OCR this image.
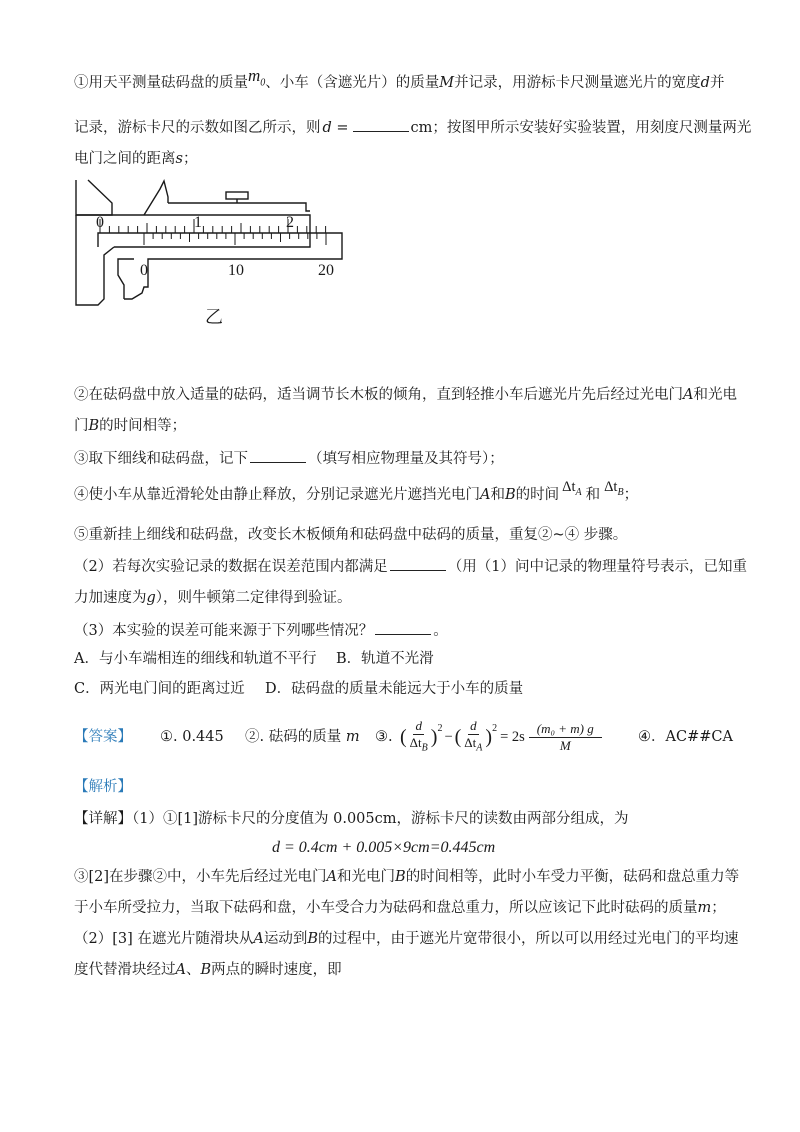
①用天平测量砝码盘的质量$m_0$、小车（含遮光片）的质量M并记录，用游标卡尺测量遮光片的宽度d并
记录，游标卡尺的示数如图乙所示，则 d =	cm；按图甲所示安装好实验装置，用刻度尺测量两光
电门之间的距离s；
0	1	2
0	10	20
乙
②在砝码盘中放入适量的砝码，适当调节长木板的倾角，直到轻推小车后遮光片先后经过光电门A和光电
门B的时间相等；
③取下细线和砝码盘，记下	（填写相应物理量及其符号）；
④使小车从靠近滑轮处由静止释放，分别记录遮光片遮挡光电门A和B的时间 $\Delta t_A$ 和 $\Delta t_B$；
⑤重新挂上细线和砝码盘，改变长木板倾角和砝码盘中砝码的质量，重复②~④ 步骤。
（2）若每次实验记录的数据在误差范围内都满足	（用（1）问中记录的物理量符号表示，已知重
力加速度为g），则牛顿第二定律得到验证。
（3）本实验的误差可能来源于下列哪些情况？	。
A．与小车端相连的细线和轨道不平行 B．轨道不光滑
C．两光电门间的距离过近 D．砝码盘的质量未能远大于小车的质量
【答案】 ①. 0.445 ②. 砝码的质量 m ③. ( $\frac{d}{\Delta t_B} )^2$
− ( $\frac{d}{\Delta t_A} )^2$
= $2s \frac{\text{(m₀ + m) g}}{M}$	④．AC##CA
【解析】
【详解】（1）①[1]游标卡尺的分度值为 0.005cm，游标卡尺的读数由两部分组成，为
d = 0.4cm + 0.005×9cm=0.445cm
③[2]在步骤②中，小车先后经过光电门A和光电门B的时间相等，此时小车受力平衡，砝码和盘总重力等
于小车所受拉力，当取下砝码和盘，小车受合力为砝码和盘总重力，所以应该记下此时砝码的质量m；
（2）[3] 在遮光片随滑块从A运动到B的过程中，由于遮光片宽带很小，所以可以用经过光电门的平均速
度代替滑块经过A、B两点的瞬时速度，即
